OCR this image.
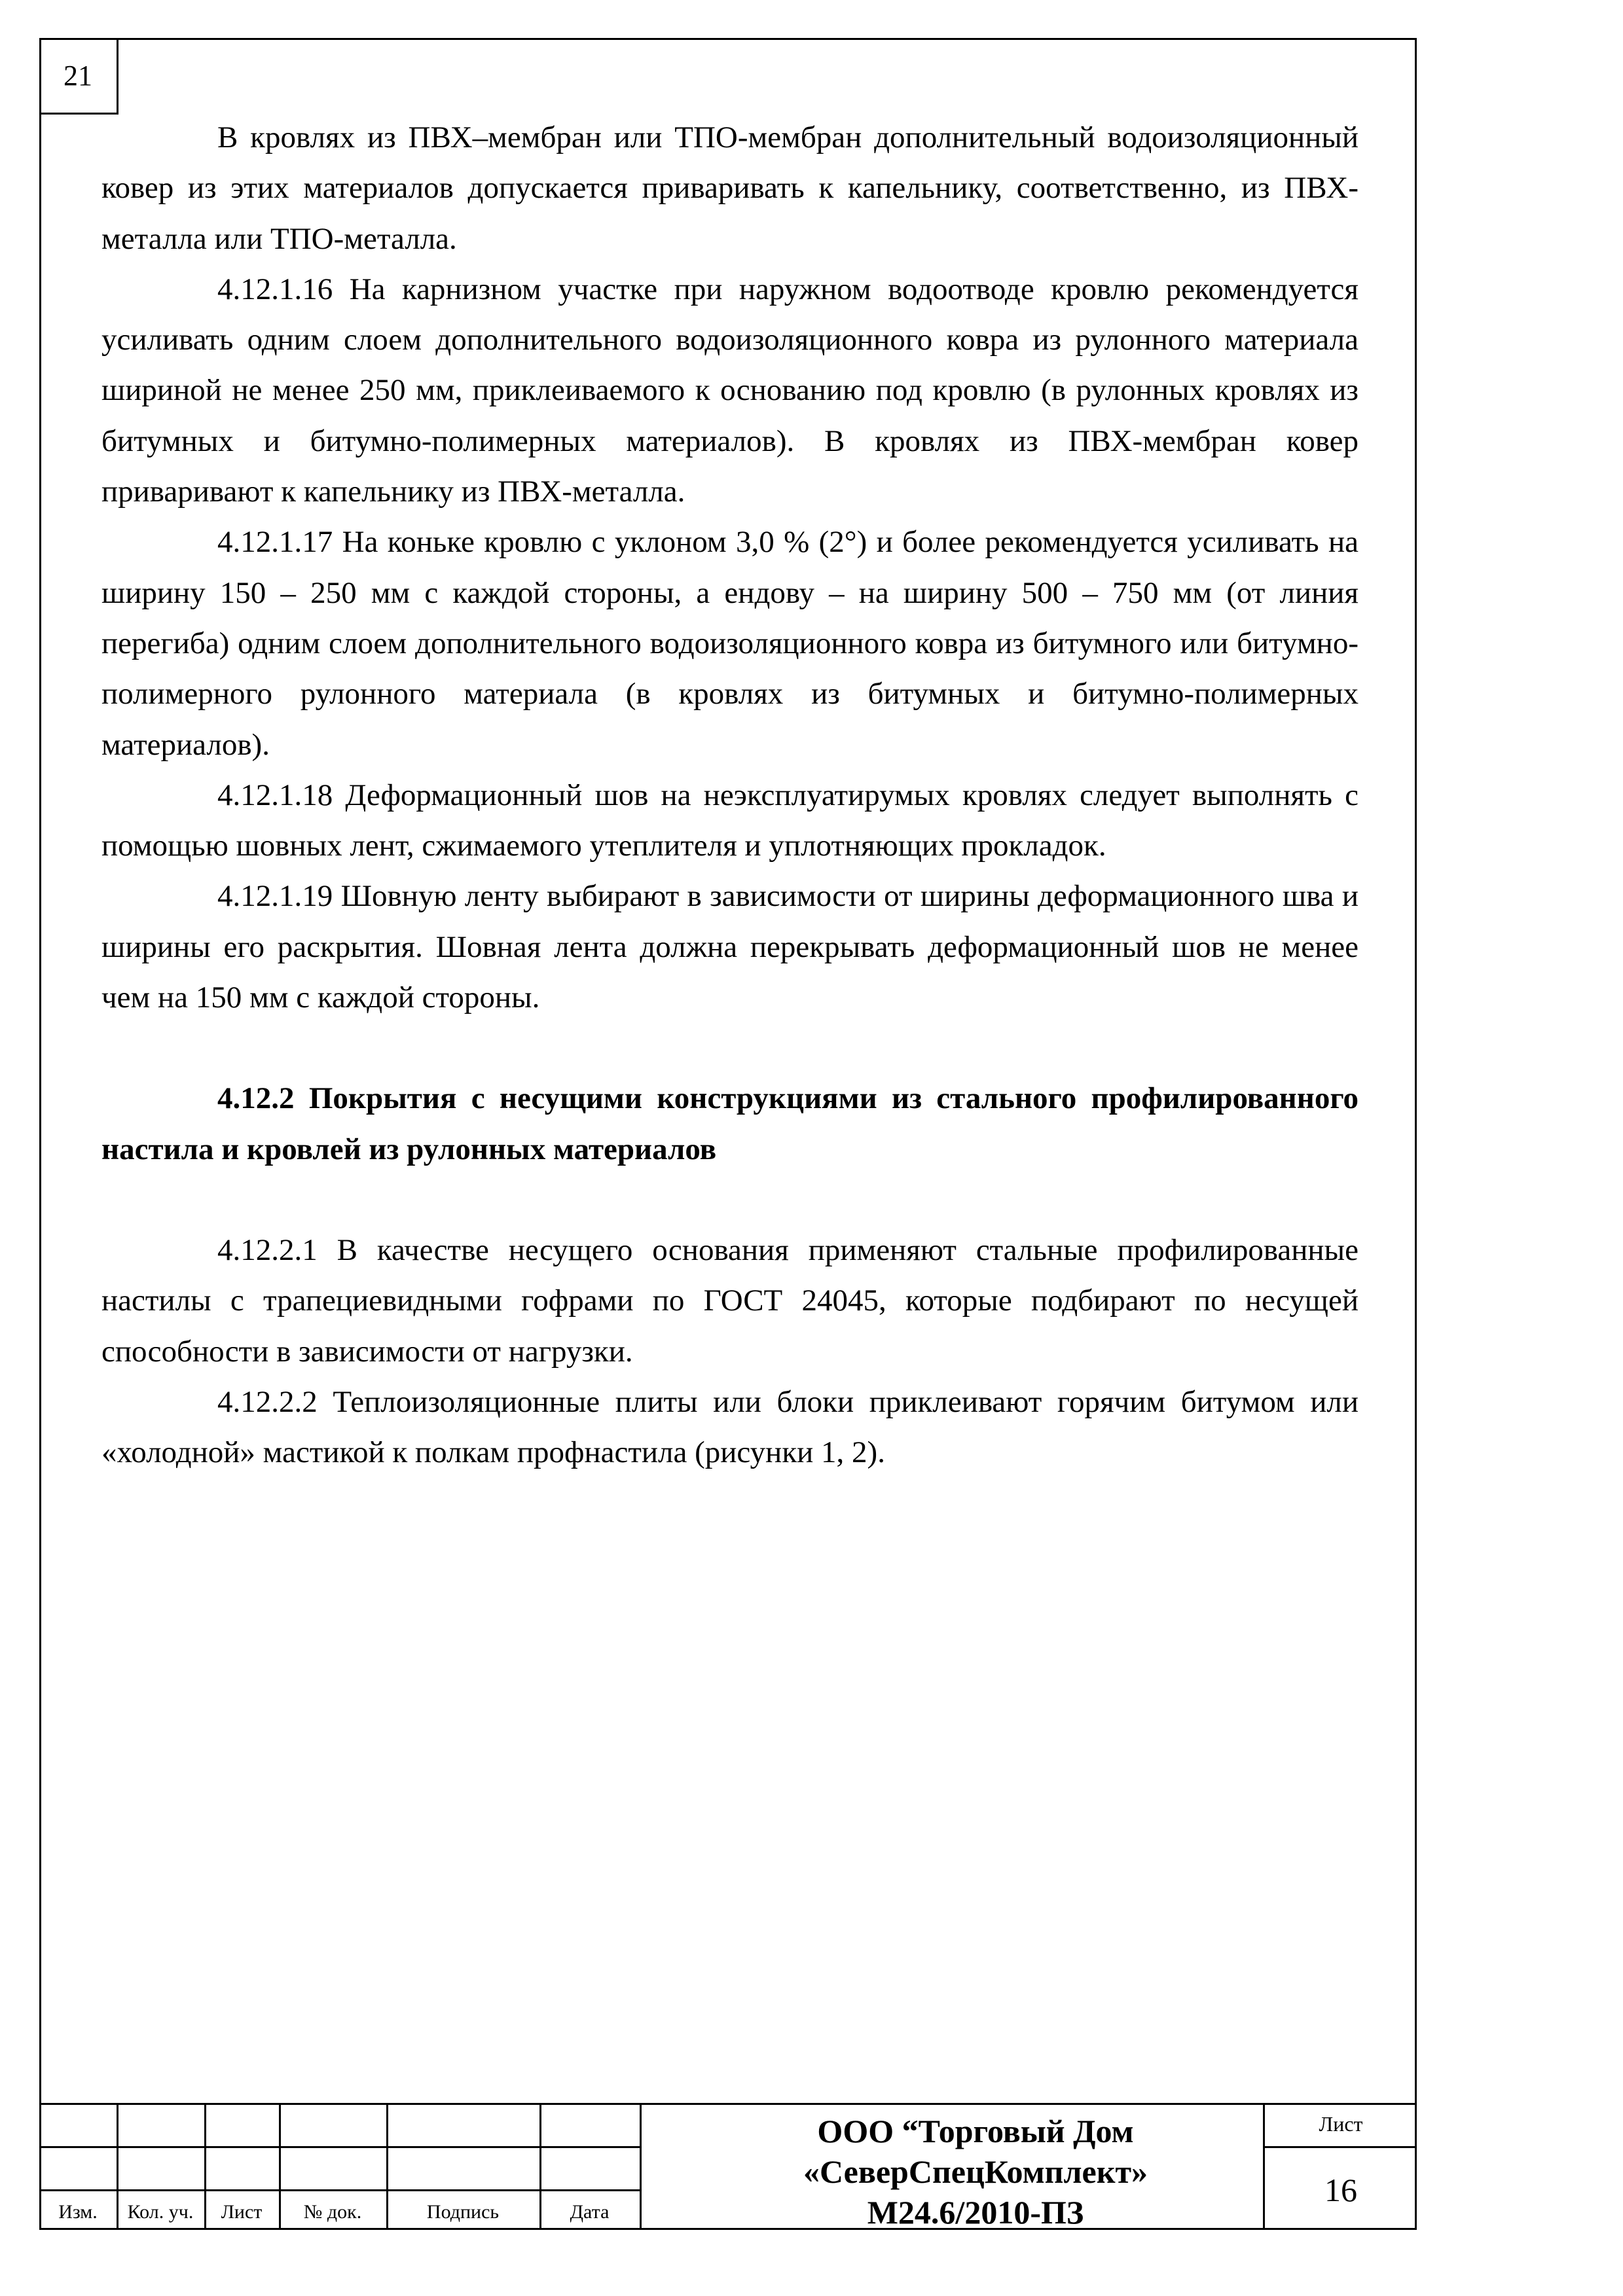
21

В кровлях из ПВХ–мембран или ТПО-мембран дополнительный водоизоляционный ковер из этих материалов допускается приваривать к капельнику, соответственно, из ПВХ-металла или ТПО-металла.

4.12.1.16 На карнизном участке при наружном водоотводе кровлю рекомендуется усиливать одним слоем дополнительного водоизоляционного ковра из рулонного материала шириной не менее 250 мм, приклеиваемого к основанию под кровлю (в рулонных кровлях из битумных и битумно-полимерных материалов). В кровлях из ПВХ-мембран ковер приваривают к капельнику из ПВХ-металла.

4.12.1.17 На коньке кровлю с уклоном 3,0 % (2°) и более рекомендуется усиливать на ширину 150 – 250 мм с каждой стороны, а ендову – на ширину 500 – 750 мм (от линия перегиба) одним слоем дополнительного водоизоляционного ковра из битумного или битумно-полимерного рулонного материала (в кровлях из битумных и битумно-полимерных материалов).

4.12.1.18 Деформационный шов на неэксплуатирумых кровлях следует выполнять с помощью шовных лент, сжимаемого утеплителя и уплотняющих прокладок.

4.12.1.19 Шовную ленту выбирают в зависимости от ширины деформационного шва и ширины его раскрытия. Шовная лента должна перекрывать деформационный шов не менее чем на 150 мм с каждой стороны.

4.12.2 Покрытия с несущими конструкциями из стального профилированного настила и кровлей из рулонных материалов

4.12.2.1 В качестве несущего основания применяют стальные профилированные настилы с трапециевидными гофрами по ГОСТ 24045, которые подбирают по несущей способности в зависимости от нагрузки.

4.12.2.2 Теплоизоляционные плиты или блоки приклеивают горячим битумом или «холодной» мастикой к полкам профнастила (рисунки 1, 2).

Изм.	Кол. уч.	Лист	№ док.	Подпись	Дата
ООО “Торговый Дом
«СеверСпецКомплект»
М24.6/2010-ПЗ
Лист
16
